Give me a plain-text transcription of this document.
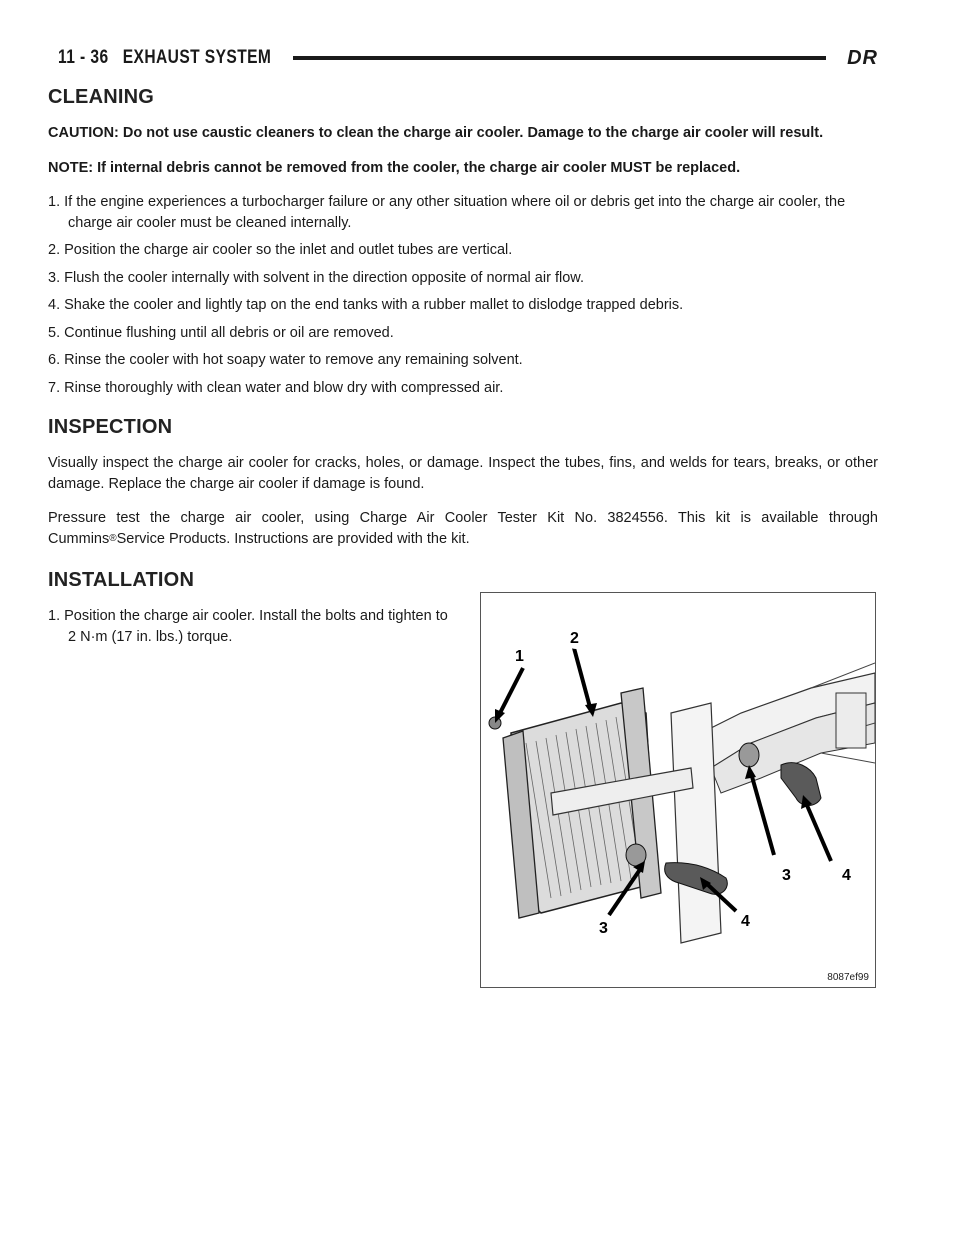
11 - 36   EXHAUST SYSTEM	DR
CLEANING

CAUTION: Do not use caustic cleaners to clean the charge air cooler. Damage to the charge air cooler will result.

NOTE: If internal debris cannot be removed from the cooler, the charge air cooler MUST be replaced.

1. If the engine experiences a turbocharger failure or any other situation where oil or debris get into the charge air cooler, the charge air cooler must be cleaned internally.
2. Position the charge air cooler so the inlet and outlet tubes are vertical.
3. Flush the cooler internally with solvent in the direction opposite of normal air flow.
4. Shake the cooler and lightly tap on the end tanks with a rubber mallet to dislodge trapped debris.
5. Continue flushing until all debris or oil are removed.
6. Rinse the cooler with hot soapy water to remove any remaining solvent.
7. Rinse thoroughly with clean water and blow dry with compressed air.
INSPECTION

Visually inspect the charge air cooler for cracks, holes, or damage. Inspect the tubes, fins, and welds for tears, breaks, or other damage. Replace the charge air cooler if damage is found.

Pressure test the charge air cooler, using Charge Air Cooler Tester Kit No. 3824556. This kit is available through Cummins®Service Products. Instructions are provided with the kit.

INSTALLATION
1. Position the charge air cooler. Install the bolts and tighten to 2 N·m (17 in. lbs.) torque.
1
2
3	4
3	4
8087ef99
